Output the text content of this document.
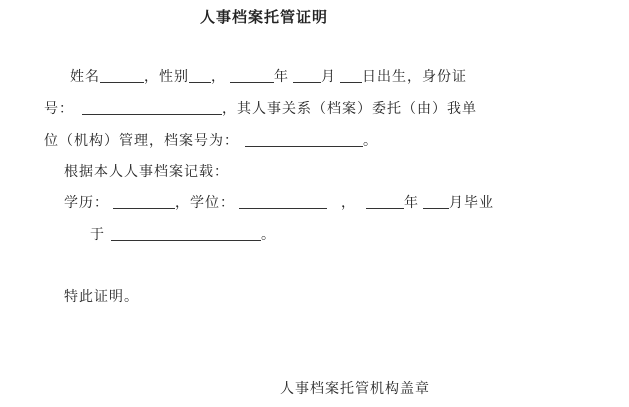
人事档案托管证明
姓名	，性别 ，	年 月 日出生，身份证
号：	，其人事关系（档案）委托（由）我单
位（机构）管理，档案号为：	。
根据本人人事档案记载：
学历：	，学位：	，	年 月毕业
于	。
特此证明。
人事档案托管机构盖章
